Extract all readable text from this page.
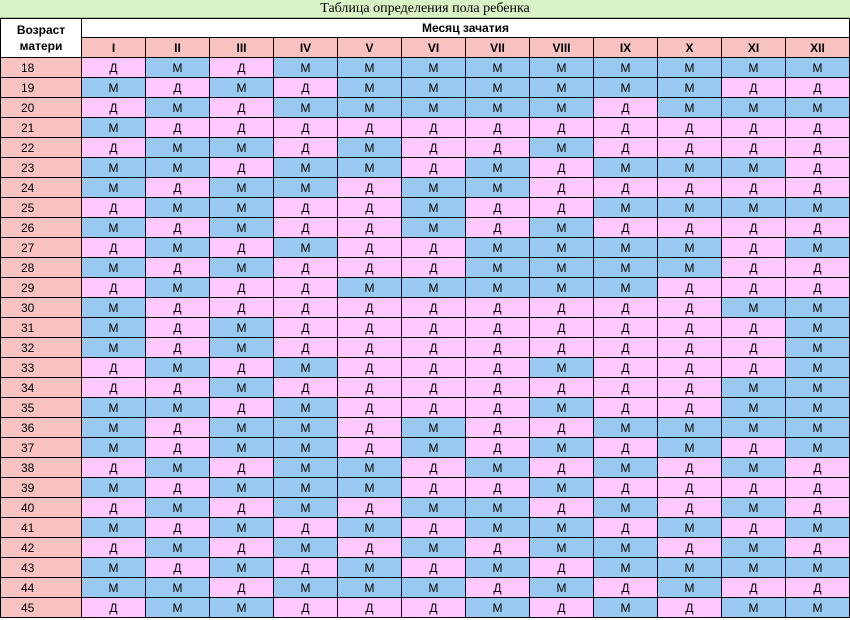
Таблица определения пола ребенка
Возраст матери	Месяц зачатия											
	I	II	III	IV	V	VI	VII	VIII	IX	X	XI	XII
18	Д	М	Д	М	М	М	М	М	М	М	М	М
19	М	Д	М	Д	М	М	М	М	М	М	Д	Д
20	Д	М	Д	М	М	М	М	М	Д	М	М	М
21	М	Д	Д	Д	Д	Д	Д	Д	Д	Д	Д	Д
22	Д	М	М	Д	М	Д	Д	М	Д	Д	Д	Д
23	М	М	Д	М	М	Д	М	Д	М	М	М	Д
24	М	Д	М	М	Д	М	М	Д	Д	Д	Д	Д
25	Д	М	М	Д	Д	М	Д	Д	М	М	М	М
26	М	Д	М	Д	Д	М	Д	М	Д	Д	Д	Д
27	Д	М	Д	М	Д	Д	М	М	М	М	Д	М
28	М	Д	М	Д	Д	Д	М	М	М	М	Д	Д
29	Д	М	Д	Д	М	М	М	М	М	Д	Д	Д
30	М	Д	Д	Д	Д	Д	Д	Д	Д	Д	М	М
31	М	Д	М	Д	Д	Д	Д	Д	Д	Д	Д	М
32	М	Д	М	Д	Д	Д	Д	Д	Д	Д	Д	М
33	Д	М	Д	М	Д	Д	Д	М	Д	Д	Д	М
34	Д	Д	М	Д	Д	Д	Д	Д	Д	Д	М	М
35	М	М	Д	М	Д	Д	Д	М	Д	Д	М	М
36	М	Д	М	М	Д	М	Д	Д	М	М	М	М
37	М	Д	М	М	Д	М	Д	М	Д	М	Д	М
38	Д	М	Д	М	М	Д	М	Д	М	Д	М	Д
39	М	Д	М	М	М	Д	Д	М	Д	Д	Д	Д
40	Д	М	Д	М	Д	М	М	Д	М	Д	М	Д
41	М	Д	М	Д	М	Д	М	М	Д	М	Д	М
42	Д	М	Д	М	Д	М	Д	М	М	Д	М	Д
43	М	Д	М	Д	М	Д	М	Д	М	М	М	М
44	М	М	Д	М	М	М	Д	М	Д	М	Д	Д
45	Д	М	М	Д	Д	Д	М	Д	М	Д	М	М
